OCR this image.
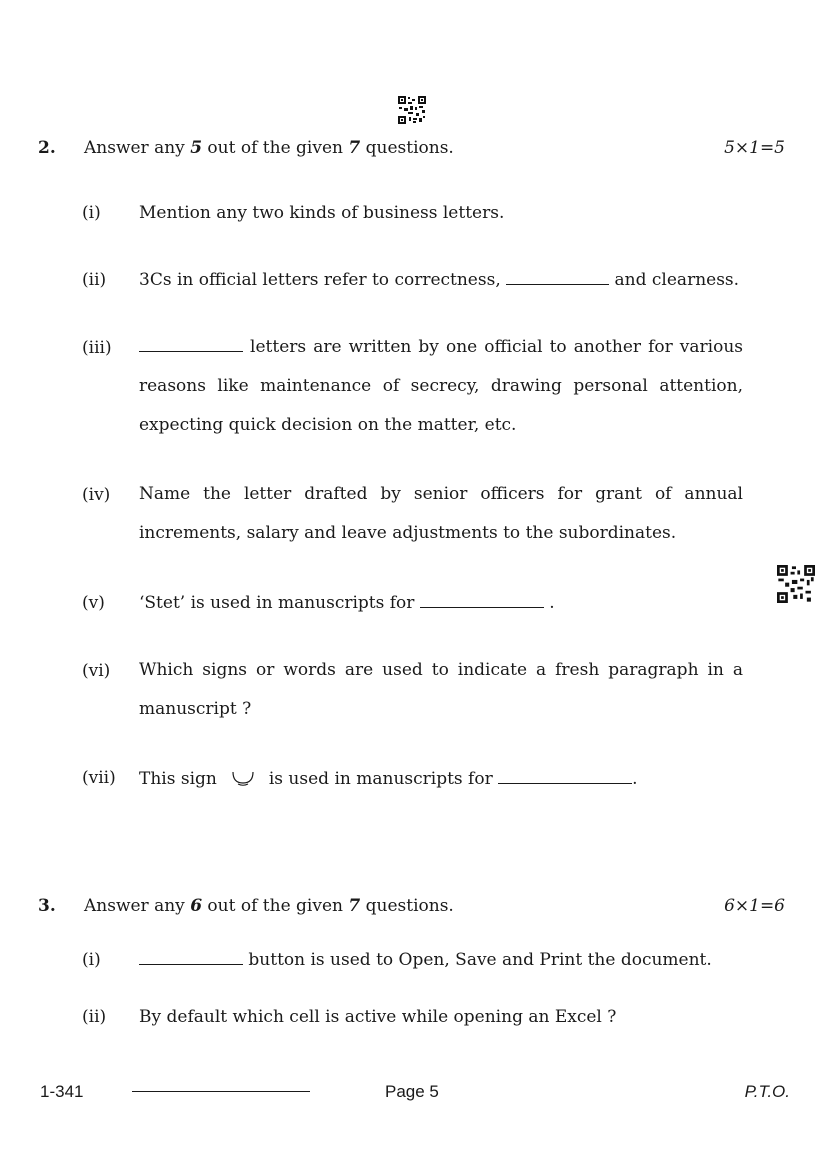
2. Answer any 5 out of the given 7 questions.	5×1=5
(i) Mention any two kinds of business letters.
(ii) 3Cs in official letters refer to correctness,	and clearness.
(iii)	letters are written by one official to another for various
reasons like maintenance of secrecy, drawing personal attention,
expecting quick decision on the matter, etc.
(iv) Name the letter drafted by senior officers for grant of annual
increments, salary and leave adjustments to the subordinates.
(v) ‘Stet’ is used in manuscripts for	.
(vi) Which signs or words are used to indicate a fresh paragraph in a
manuscript ?
(vii) This sign	is used in manuscripts for	.
3. Answer any 6 out of the given 7 questions.	6×1=6
(i)	button is used to Open, Save and Print the document.
(ii) By default which cell is active while opening an Excel ?
1-341	Page 5	P.T.O.
